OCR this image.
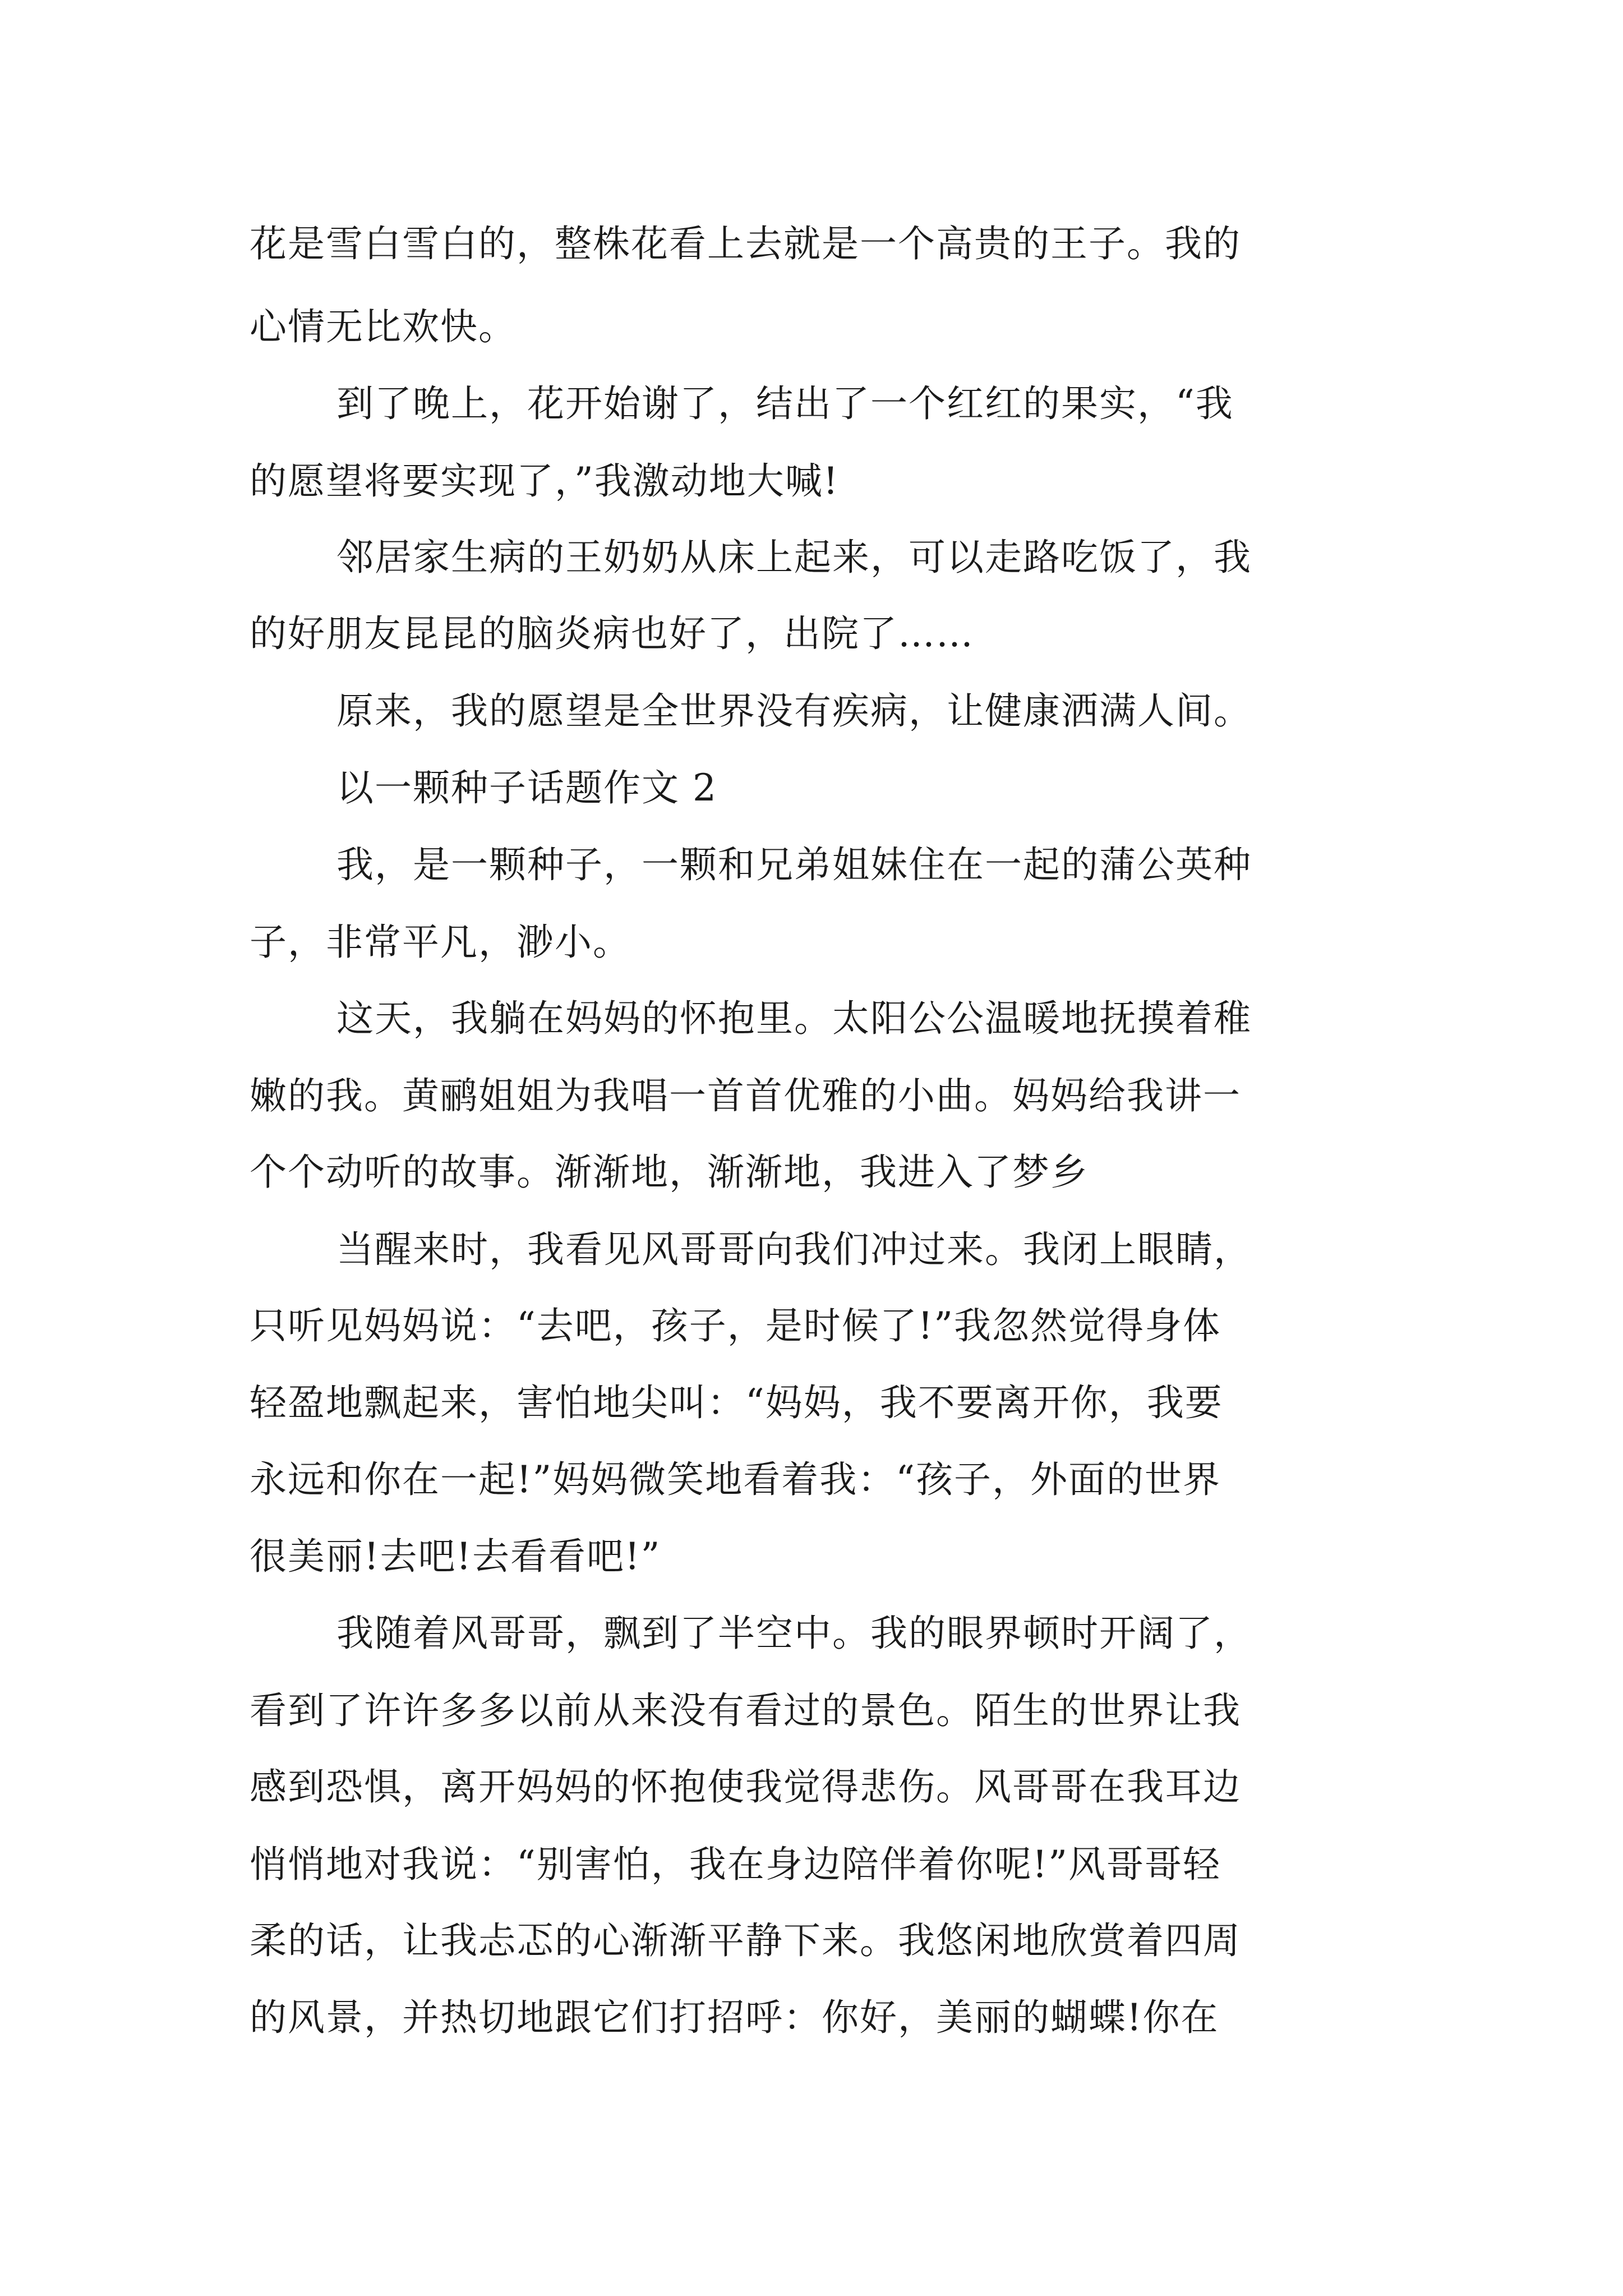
花是雪白雪白的，整株花看上去就是一个高贵的王子。我的
心情无比欢快。
到了晚上，花开始谢了，结出了一个红红的果实，“我
的愿望将要实现了，”我激动地大喊!
邻居家生病的王奶奶从床上起来，可以走路吃饭了，我
的好朋友昆昆的脑炎病也好了，出院了……
原来，我的愿望是全世界没有疾病，让健康洒满人间。
以一颗种子话题作文 2
我，是一颗种子，一颗和兄弟姐妹住在一起的蒲公英种
子，非常平凡，渺小。
这天，我躺在妈妈的怀抱里。太阳公公温暖地抚摸着稚
嫩的我。黄鹂姐姐为我唱一首首优雅的小曲。妈妈给我讲一
个个动听的故事。渐渐地，渐渐地，我进入了梦乡
当醒来时，我看见风哥哥向我们冲过来。我闭上眼睛，
只听见妈妈说：“去吧，孩子，是时候了!”我忽然觉得身体
轻盈地飘起来，害怕地尖叫：“妈妈，我不要离开你，我要
永远和你在一起!”妈妈微笑地看着我：“孩子，外面的世界
很美丽!去吧!去看看吧!”
我随着风哥哥，飘到了半空中。我的眼界顿时开阔了，
看到了许许多多以前从来没有看过的景色。陌生的世界让我
感到恐惧，离开妈妈的怀抱使我觉得悲伤。风哥哥在我耳边
悄悄地对我说：“别害怕，我在身边陪伴着你呢!”风哥哥轻
柔的话，让我忐忑的心渐渐平静下来。我悠闲地欣赏着四周
的风景，并热切地跟它们打招呼：你好，美丽的蝴蝶!你在
